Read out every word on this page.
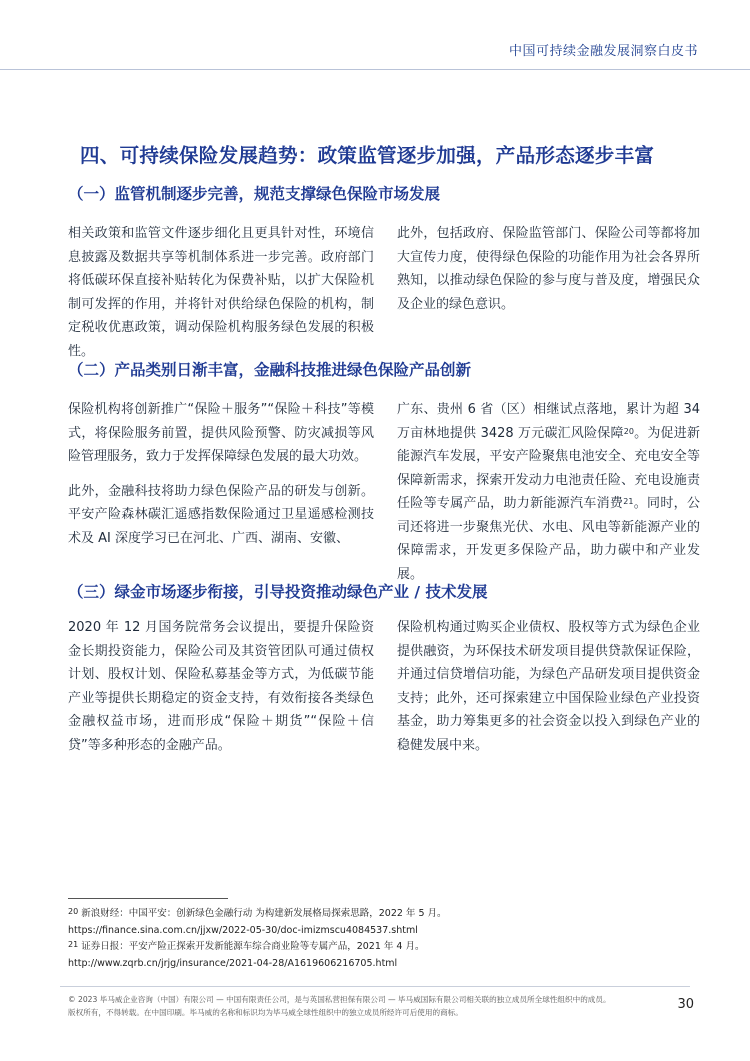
中国可持续金融发展洞察白皮书
四、可持续保险发展趋势：政策监管逐步加强，产品形态逐步丰富
（一）监管机制逐步完善，规范支撑绿色保险市场发展

相关政策和监管文件逐步细化且更具针对性，环境信息披露及数据共享等机制体系进一步完善。政府部门将低碳环保直接补贴转化为保费补贴，以扩大保险机制可发挥的作用，并将针对供给绿色保险的机构，制定税收优惠政策，调动保险机构服务绿色发展的积极性。

此外，包括政府、保险监管部门、保险公司等都将加大宣传力度，使得绿色保险的功能作用为社会各界所熟知，以推动绿色保险的参与度与普及度，增强民众及企业的绿色意识。

（二）产品类别日渐丰富，金融科技推进绿色保险产品创新

保险机构将创新推广“保险＋服务”“保险＋科技”等模式，将保险服务前置，提供风险预警、防灾减损等风险管理服务，致力于发挥保障绿色发展的最大功效。

此外，金融科技将助力绿色保险产品的研发与创新。平安产险森林碳汇遥感指数保险通过卫星遥感检测技术及 AI 深度学习已在河北、广西、湖南、安徽、

广东、贵州 6 省（区）相继试点落地，累计为超 34 万亩林地提供 3428 万元碳汇风险保障$^{20}$。为促进新能源汽车发展，平安产险聚焦电池安全、充电安全等保障新需求，探索开发动力电池责任险、充电设施责任险等专属产品，助力新能源汽车消费$^{21}$。同时，公司还将进一步聚焦光伏、水电、风电等新能源产业的保障需求，开发更多保险产品，助力碳中和产业发展。

（三）绿金市场逐步衔接，引导投资推动绿色产业 / 技术发展

2020 年 12 月国务院常务会议提出，要提升保险资金长期投资能力，保险公司及其资管团队可通过债权计划、股权计划、保险私募基金等方式，为低碳节能产业等提供长期稳定的资金支持，有效衔接各类绿色金融权益市场，进而形成“保险＋期货”“保险＋信贷”等多种形态的金融产品。

保险机构通过购买企业债权、股权等方式为绿色企业提供融资，为环保技术研发项目提供贷款保证保险，并通过信贷增信功能，为绿色产品研发项目提供资金支持；此外，还可探索建立中国保险业绿色产业投资基金，助力筹集更多的社会资金以投入到绿色产业的稳健发展中来。

$^{20}$ 新浪财经：中国平安：创新绿色金融行动 为构建新发展格局探索思路，2022 年 5 月。
https://finance.sina.com.cn/jjxw/2022-05-30/doc-imizmscu4084537.shtml
$^{21}$ 证券日报：平安产险正探索开发新能源车综合商业险等专属产品，2021 年 4 月。
http://www.zqrb.cn/jrjg/insurance/2021-04-28/A1619606216705.html
© 2023 毕马威企业咨询（中国）有限公司 — 中国有限责任公司，是与英国私营担保有限公司 — 毕马威国际有限公司相关联的独立成员所全球性组织中的成员。
版权所有，不得转载。在中国印刷。毕马威的名称和标识均为毕马威全球性组织中的独立成员所经许可后使用的商标。
30
